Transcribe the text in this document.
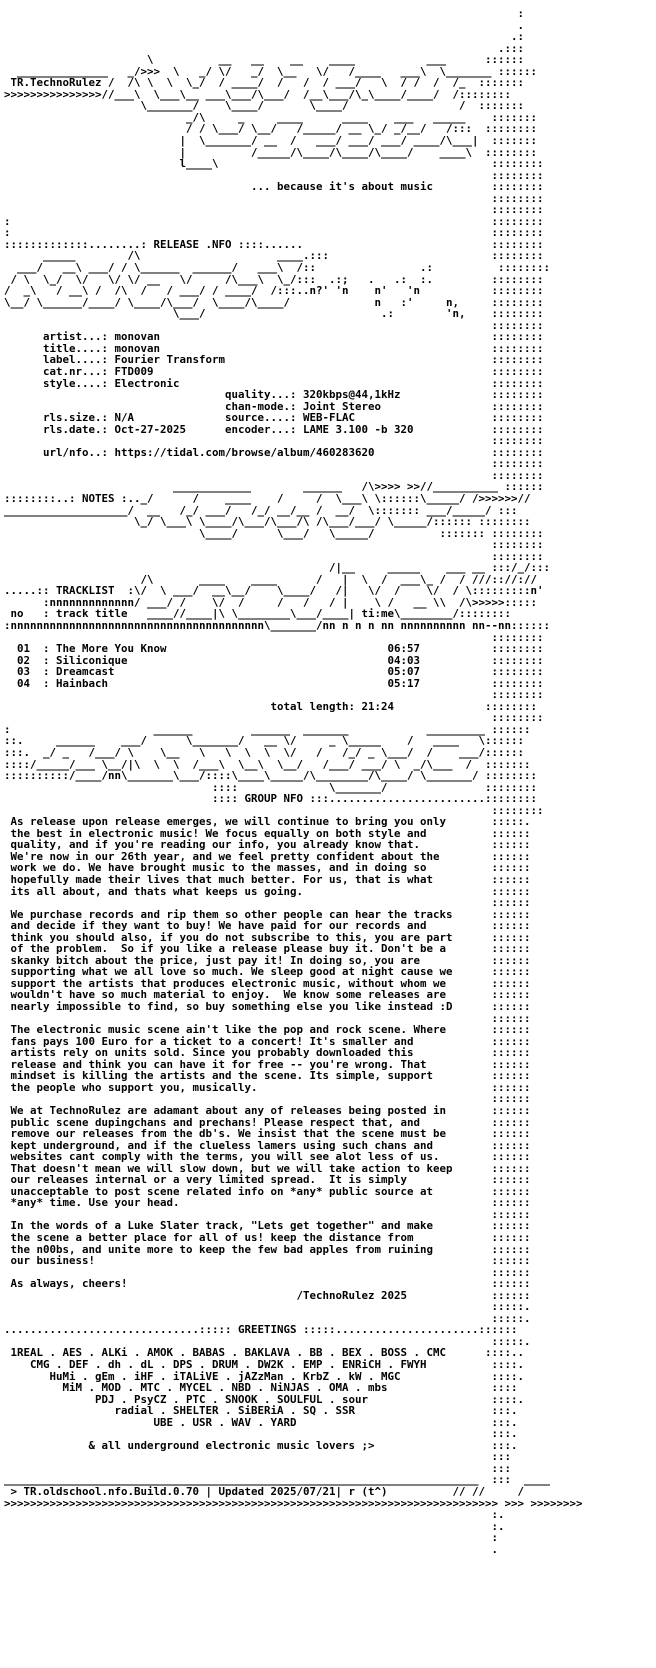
:
.
.:
.:::
\          __   __    __    ____           ___      ::::::
______________   _/>>>  \   _/ \/   _/  \__   \/   /____   ___\  \_______ ::::::
TR.TechnoRulez /  /\ \  \  \_/  / ____/  /   /  / ___/   \  / /  /  /_  :::::::
>>>>>>>>>>>>>>>//___\  \___\__ ___\___/\___/  /__\___/\_\____/____/  /::::::::
\_______/    \____/       \____/                 /  :::::::
_/\     _     ____      ____    ___   _____    :::::::
/ / \___/ \__/   /_____/ __ \_/ _/__/   /:::  ::::::::
|  \_______/ __  /   ___/ ___/ ___/ ____/\___|  :::::::
|          /_____/\____/\____/\____/    ____\  ::::::::
l____\                                          ::::::::
::::::::
... because it's about music         ::::::::
::::::::
::::::::
:                                                                          ::::::::
:                                                                          ::::::::
:::::::::::::........: RELEASE .NFO ::::......                             ::::::::
_____        /\                     ____.:::                         ::::::::
___/   __\ ___/ / \______  ______/   ___\  /::                .:          ::::::::
/ \  \_/  \/   \/ \/ __   \/     /\___\  \_/:::  .:;   .   .:  :.         ::::::::
/  _\   / __\ /  /\  /   / ___/ / ____/  /:::..n?' 'n    n'   'n           ::::::::
\__/ \______/____/ \____/\___/  \____/\____/             n   :'     n,     ::::::::
\___/                           .:        'n,    ::::::::
::::::::
artist...: monovan                                                   ::::::::
title....: monovan                                                   ::::::::
label....: Fourier Transform                                         ::::::::
cat.nr...: FTD009                                                    ::::::::
style....: Electronic                                                ::::::::
quality...: 320kbps@44,1kHz              ::::::::
chan-mode.: Joint Stereo                 ::::::::
rls.size.: N/A              source....: WEB-FLAC                     ::::::::
rls.date.: Oct-27-2025      encoder...: LAME 3.100 -b 320            ::::::::
::::::::
url/nfo..: https://tidal.com/browse/album/460283620                  ::::::::
::::::::
::::::::
____________        ______   /\>>>> >>//__________ ::::::
::::::::..: NOTES :.._/      /    ____    /     /  \___\ \::::::\_____/ />>>>>>//
___________________/  __   /_/ ___/   /_/ __/__ /  __/  \::::::: ___/_____/ :::
\_/ \___\ \____/\___/\___/\ /\___/___/ \_____/:::::: ::::::::
\____/      \___/   \_____/          ::::::: ::::::::
::::::::
::::::::
/|__     _____    ___ __ :::/_/:::
/\       ____    ____      /   |  \  /  ___\_ /  / ///:://://
.....:: TRACKLIST  :\/  \ ___/  __\__/    \____/   /|   \/  /    \/  / \:::::::::n'
:nnnnnnnnnnnnn/ ___/ /    \/  /     /   /   / |    \ /   __ \\  /\>>>>>:::::
no   : track title   ____//____|\ \________\___/____| ti:me\________/::::::::
:nnnnnnnnnnnnnnnnnnnnnnnnnnnnnnnnnnnnnnn\_______/nn n n n nn nnnnnnnnnn nn--nn::::::
::::::::
01  : The More You Know                                  06:57           ::::::::
02  : Siliconique                                        04:03           ::::::::
03  : Dreamcast                                          05:07           ::::::::
04  : Hainbach                                           05:17           ::::::::
::::::::
total length: 21:24              ::::::::
::::::::
:                      ______         ______  _______            _________ ::::::
::.     ______    ___/      \_______/   __ \/     _ \_____    /   ____   \::::::
:::.  _/ _   /___/ \    \__   \   \  \  \  \/   /   /_/ _ \___/  /    ___/::::::
::::/_____/___ \__/|\  \  \  /___\  \__\  \__/   /___/ ___/ \  _/\___  /  :::::::
::::::::::/____/nn\_______\___/::::\____\_____/\________/\____/ \_______/ ::::::::
::::              \_______/               ::::::::
:::: GROUP NFO :::........................::::::::
::::::::
As release upon release emerges, we will continue to bring you only       :::::.
the best in electronic music! We focus equally on both style and          ::::::
quality, and if you're reading our info, you already know that.           ::::::
We're now in our 26th year, and we feel pretty confident about the        ::::::
work we do. We have brought music to the masses, and in doing so          ::::::
hopefully made their lives that much better. For us, that is what         ::::::
its all about, and thats what keeps us going.                             ::::::
::::::
We purchase records and rip them so other people can hear the tracks      ::::::
and decide if they want to buy! We have paid for our records and          ::::::
think you should also, if you do not subscribe to this, you are part      ::::::
of the problem.  So if you like a release please buy it. Don't be a       ::::::
skanky bitch about the price, just pay it! In doing so, you are           ::::::
supporting what we all love so much. We sleep good at night cause we      ::::::
support the artists that produces electronic music, without whom we       ::::::
wouldn't have so much material to enjoy.  We know some releases are       ::::::
nearly impossible to find, so buy something else you like instead :D      ::::::
::::::
The electronic music scene ain't like the pop and rock scene. Where       ::::::
fans pays 100 Euro for a ticket to a concert! It's smaller and            ::::::
artists rely on units sold. Since you probably downloaded this            ::::::
release and think you can have it for free -- you're wrong. That          ::::::
mindset is killing the artists and the scene. Its simple, support         ::::::
the people who support you, musically.                                    ::::::
::::::
We at TechnoRulez are adamant about any of releases being posted in       ::::::
public scene dupingchans and prechans! Please respect that, and           ::::::
remove our releases from the db's. We insist that the scene must be       ::::::
kept underground, and if the clueless lamers using such chans and         ::::::
websites cant comply with the terms, you will see alot less of us.        ::::::
That doesn't mean we will slow down, but we will take action to keep      ::::::
our releases internal or a very limited spread.  It is simply             ::::::
unacceptable to post scene related info on *any* public source at         ::::::
*any* time. Use your head.                                                ::::::
::::::
In the words of a Luke Slater track, "Lets get together" and make         ::::::
the scene a better place for all of us! keep the distance from            ::::::
the n00bs, and unite more to keep the few bad apples from ruining         ::::::
our business!                                                             ::::::
::::::
As always, cheers!                                                        ::::::
/TechnoRulez 2025             ::::::
:::::.
:::::.
..............................::::: GREETINGS :::::......................::::::
:::::.
1REAL . AES . ALKi . AMOK . BABAS . BAKLAVA . BB . BEX . BOSS . CMC      ::::..
CMG . DEF . dh . dL . DPS . DRUM . DW2K . EMP . ENRiCH . FWYH          ::::.
HuMi . gEm . iHF . iTALiVE . jAZzMan . KrbZ . kW . MGC              ::::.
MiM . MOD . MTC . MYCEL . NBD . NiNJAS . OMA . mbs                ::::
PDJ . PsyCZ . PTC . SNOOK . SOULFUL . sour                   ::::.
radial . SHELTER . SiBERiA . SQ . SSR                     :::.
UBE . USR . WAV . YARD                              :::.
:::.
& all underground electronic music lovers ;>                  :::.
:::
:::
_________________________________________________________________________  :::  ____
> TR.oldschool.nfo.Build.0.70 | Updated 2025/07/21| r (t^)          // //     /
>>>>>>>>>>>>>>>>>>>>>>>>>>>>>>>>>>>>>>>>>>>>>>>>>>>>>>>>>>>>>>>>>>>>>>>>>>>> >>> >>>>>>>>
:.
:.
:
.
